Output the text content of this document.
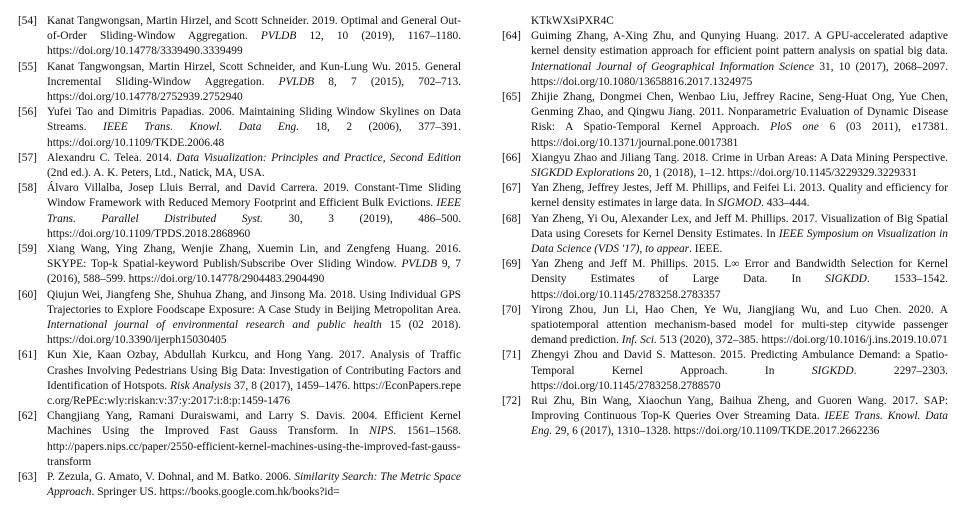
[54] Kanat Tangwongsan, Martin Hirzel, and Scott Schneider. 2019. Optimal and General Out-of-Order Sliding-Window Aggregation. PVLDB 12, 10 (2019), 1167–1180. https://doi.org/10.14778/3339490.3339499

[55] Kanat Tangwongsan, Martin Hirzel, Scott Schneider, and Kun-Lung Wu. 2015. General Incremental Sliding-Window Aggregation. PVLDB 8, 7 (2015), 702–713. https://doi.org/10.14778/2752939.2752940

[56] Yufei Tao and Dimitris Papadias. 2006. Maintaining Sliding Window Skylines on Data Streams. IEEE Trans. Knowl. Data Eng. 18, 2 (2006), 377–391. https://doi.org/10.1109/TKDE.2006.48

[57] Alexandru C. Telea. 2014. Data Visualization: Principles and Practice, Second Edition (2nd ed.). A. K. Peters, Ltd., Natick, MA, USA.

[58] Álvaro Villalba, Josep Lluis Berral, and David Carrera. 2019. Constant-Time Sliding Window Framework with Reduced Memory Footprint and Efficient Bulk Evictions. IEEE Trans. Parallel Distributed Syst. 30, 3 (2019), 486–500. https://doi.org/10.1109/TPDS.2018.2868960

[59] Xiang Wang, Ying Zhang, Wenjie Zhang, Xuemin Lin, and Zengfeng Huang. 2016. SKYPE: Top-k Spatial-keyword Publish/Subscribe Over Sliding Window. PVLDB 9, 7 (2016), 588–599. https://doi.org/10.14778/2904483.2904490

[60] Qiujun Wei, Jiangfeng She, Shuhua Zhang, and Jinsong Ma. 2018. Using Individual GPS Trajectories to Explore Foodscape Exposure: A Case Study in Beijing Metropolitan Area. International journal of environmental research and public health 15 (02 2018). https://doi.org/10.3390/ijerph15030405

[61] Kun Xie, Kaan Ozbay, Abdullah Kurkcu, and Hong Yang. 2017. Analysis of Traffic Crashes Involving Pedestrians Using Big Data: Investigation of Contributing Factors and Identification of Hotspots. Risk Analysis 37, 8 (2017), 1459–1476. https://EconPapers.repec.org/RePEc:wly:riskan:v:37:y:2017:i:8:p:1459-1476

[62] Changjiang Yang, Ramani Duraiswami, and Larry S. Davis. 2004. Efficient Kernel Machines Using the Improved Fast Gauss Transform. In NIPS. 1561–1568. http://papers.nips.cc/paper/2550-efficient-kernel-machines-using-the-improved-fast-gauss-transform

[63] P. Zezula, G. Amato, V. Dohnal, and M. Batko. 2006. Similarity Search: The Metric Space Approach. Springer US. https://books.google.com.hk/books?id=

KTkWXsiPXR4C

[64] Guiming Zhang, A-Xing Zhu, and Qunying Huang. 2017. A GPU-accelerated adaptive kernel density estimation approach for efficient point pattern analysis on spatial big data. International Journal of Geographical Information Science 31, 10 (2017), 2068–2097. https://doi.org/10.1080/13658816.2017.1324975

[65] Zhijie Zhang, Dongmei Chen, Wenbao Liu, Jeffrey Racine, Seng-Huat Ong, Yue Chen, Genming Zhao, and Qingwu Jiang. 2011. Nonparametric Evaluation of Dynamic Disease Risk: A Spatio-Temporal Kernel Approach. PloS one 6 (03 2011), e17381. https://doi.org/10.1371/journal.pone.0017381

[66] Xiangyu Zhao and Jiliang Tang. 2018. Crime in Urban Areas: A Data Mining Perspective. SIGKDD Explorations 20, 1 (2018), 1–12. https://doi.org/10.1145/3229329.3229331

[67] Yan Zheng, Jeffrey Jestes, Jeff M. Phillips, and Feifei Li. 2013. Quality and efficiency for kernel density estimates in large data. In SIGMOD. 433–444.

[68] Yan Zheng, Yi Ou, Alexander Lex, and Jeff M. Phillips. 2017. Visualization of Big Spatial Data using Coresets for Kernel Density Estimates. In IEEE Symposium on Visualization in Data Science (VDS '17), to appear. IEEE.

[69] Yan Zheng and Jeff M. Phillips. 2015. L∞ Error and Bandwidth Selection for Kernel Density Estimates of Large Data. In SIGKDD. 1533–1542. https://doi.org/10.1145/2783258.2783357

[70] Yirong Zhou, Jun Li, Hao Chen, Ye Wu, Jiangjiang Wu, and Luo Chen. 2020. A spatiotemporal attention mechanism-based model for multi-step citywide passenger demand prediction. Inf. Sci. 513 (2020), 372–385. https://doi.org/10.1016/j.ins.2019.10.071

[71] Zhengyi Zhou and David S. Matteson. 2015. Predicting Ambulance Demand: a Spatio-Temporal Kernel Approach. In SIGKDD. 2297–2303. https://doi.org/10.1145/2783258.2788570

[72] Rui Zhu, Bin Wang, Xiaochun Yang, Baihua Zheng, and Guoren Wang. 2017. SAP: Improving Continuous Top-K Queries Over Streaming Data. IEEE Trans. Knowl. Data Eng. 29, 6 (2017), 1310–1328. https://doi.org/10.1109/TKDE.2017.2662236
